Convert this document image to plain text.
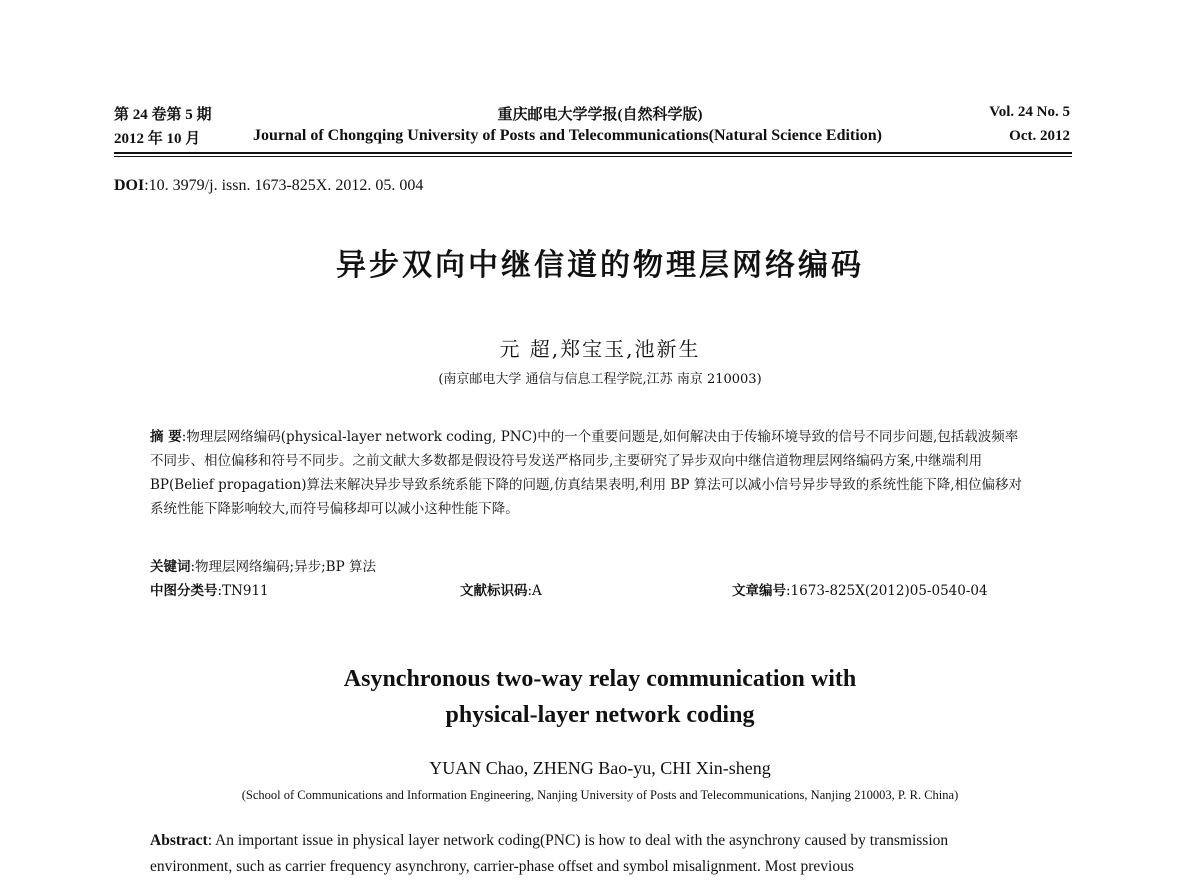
第 24 卷第 5 期
2012 年 10 月
重庆邮电大学学报(自然科学版)
Journal of Chongqing University of Posts and Telecommunications(Natural Science Edition)
Vol. 24 No. 5
Oct. 2012
DOI:10. 3979/j. issn. 1673-825X. 2012. 05. 004
异步双向中继信道的物理层网络编码
元 超,郑宝玉,池新生
(南京邮电大学 通信与信息工程学院,江苏 南京 210003)
摘 要:物理层网络编码(physical-layer network coding, PNC)中的一个重要问题是,如何解决由于传输环境导致的信号不同步问题,包括载波频率不同步、相位偏移和符号不同步。之前文献大多数都是假设符号发送严格同步,主要研究了异步双向中继信道物理层网络编码方案,中继端利用 BP(Belief propagation)算法来解决异步导致系统系能下降的问题,仿真结果表明,利用 BP 算法可以减小信号异步导致的系统性能下降,相位偏移对系统性能下降影响较大,而符号偏移却可以减小这种性能下降。
关键词:物理层网络编码;异步;BP 算法
中图分类号:TN911	文献标识码:A	文章编号:1673-825X(2012)05-0540-04
Asynchronous two-way relay communication with
physical-layer network coding
YUAN Chao, ZHENG Bao-yu, CHI Xin-sheng
(School of Communications and Information Engineering, Nanjing University of Posts and Telecommunications, Nanjing 210003, P. R. China)
Abstract: An important issue in physical layer network coding(PNC) is how to deal with the asynchrony caused by transmission environment, such as carrier frequency asynchrony, carrier-phase offset and symbol misalignment. Most previous
